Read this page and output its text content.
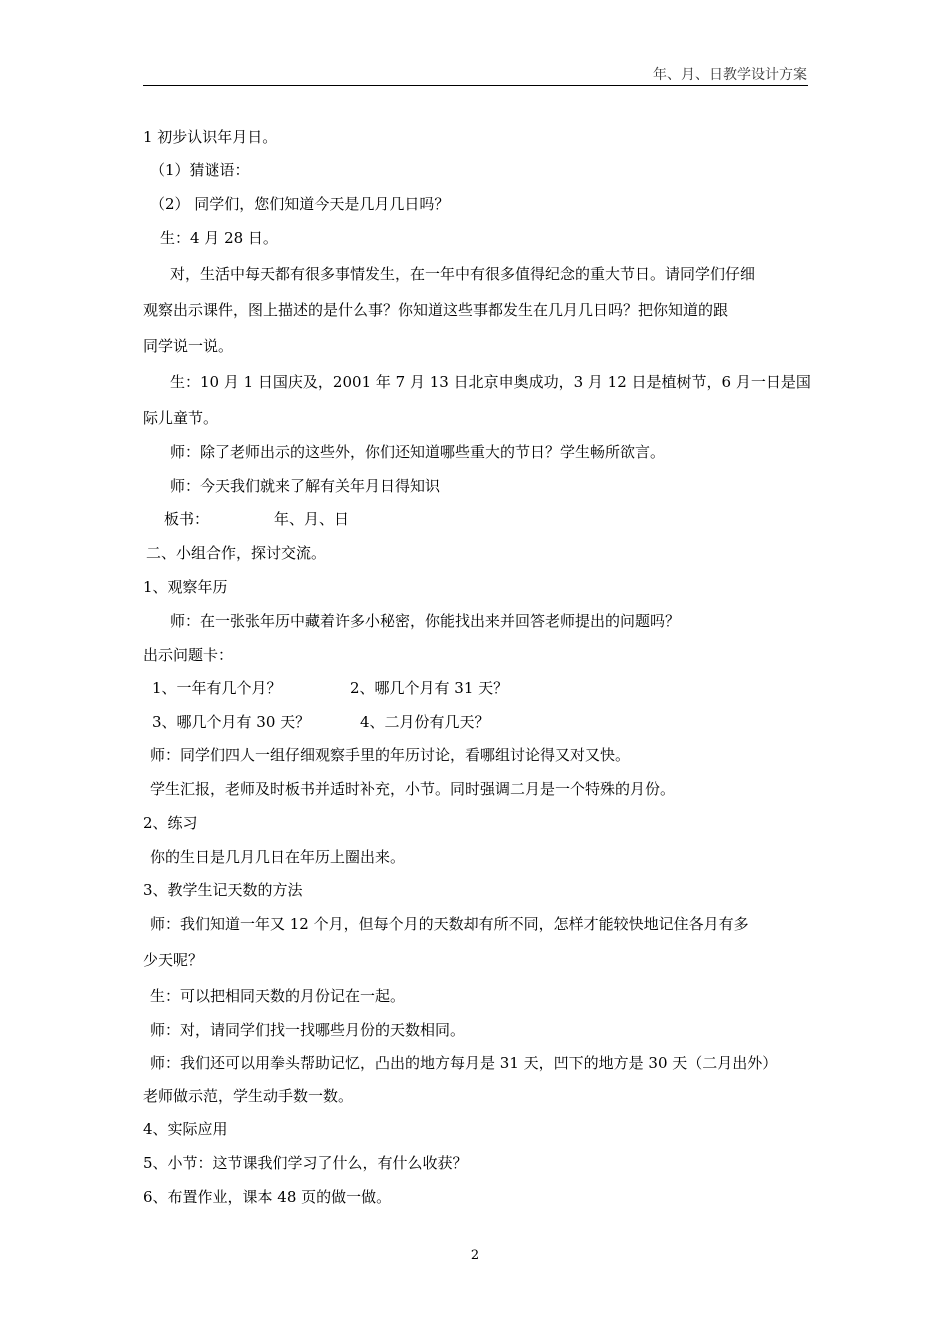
年、月、日教学设计方案
1 初步认识年月日。
（1）猜谜语：
（2） 同学们，您们知道今天是几月几日吗？
生：4 月 28 日。
对，生活中每天都有很多事情发生，在一年中有很多值得纪念的重大节日。请同学们仔细
观察出示课件，图上描述的是什么事？你知道这些事都发生在几月几日吗？把你知道的跟
同学说一说。
生：10 月 1 日国庆及，2001 年 7 月 13 日北京申奥成功，3 月 12 日是植树节，6 月一日是国
际儿童节。
师：除了老师出示的这些外，你们还知道哪些重大的节日？学生畅所欲言。
师：今天我们就来了解有关年月日得知识
板书：	年、月、日
二、小组合作，探讨交流。
1、观察年历
师：在一张张年历中藏着许多小秘密，你能找出来并回答老师提出的问题吗？
出示问题卡：
1、一年有几个月？	2、哪几个月有 31 天？
3、哪几个月有 30 天？	4、二月份有几天？
师：同学们四人一组仔细观察手里的年历讨论，看哪组讨论得又对又快。
学生汇报，老师及时板书并适时补充，小节。同时强调二月是一个特殊的月份。
2、练习
你的生日是几月几日在年历上圈出来。
3、教学生记天数的方法
师：我们知道一年又 12 个月，但每个月的天数却有所不同，怎样才能较快地记住各月有多
少天呢？
生：可以把相同天数的月份记在一起。
师：对，请同学们找一找哪些月份的天数相同。
师：我们还可以用拳头帮助记忆，凸出的地方每月是 31 天，凹下的地方是 30 天（二月出外）
老师做示范，学生动手数一数。
4、实际应用
5、小节：这节课我们学习了什么，有什么收获？
6、布置作业，课本 48 页的做一做。
2
